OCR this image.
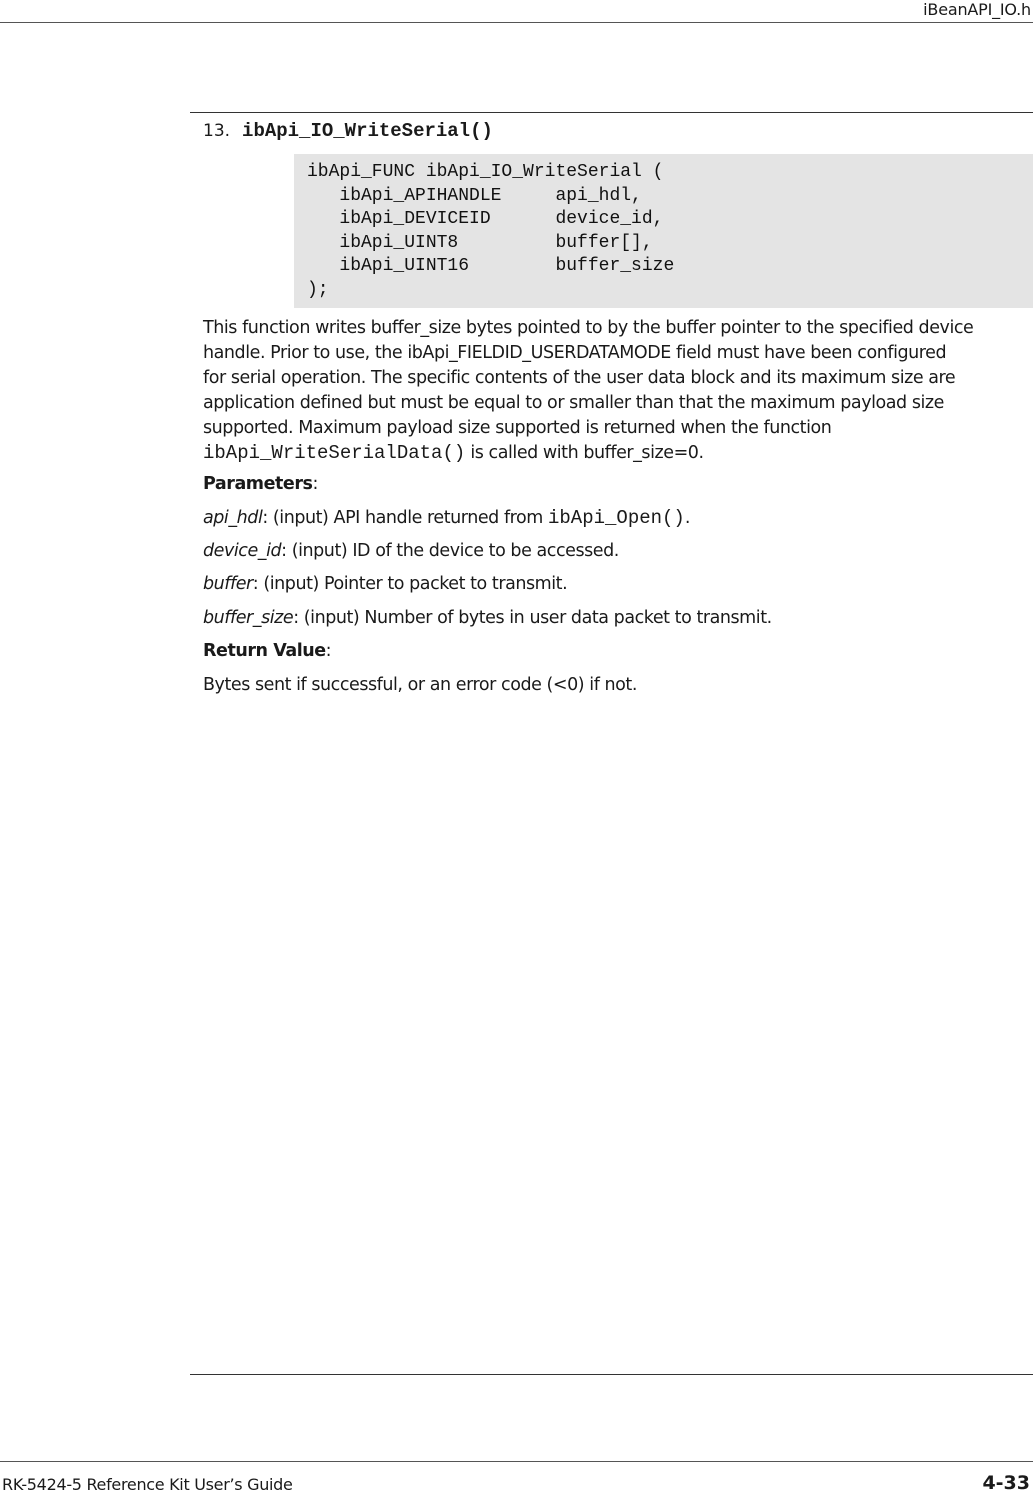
iBeanAPI_IO.h
13. ibApi_IO_WriteSerial()
ibApi_FUNC ibApi_IO_WriteSerial (
ibApi_APIHANDLE     api_hdl,
ibApi_DEVICEID      device_id,
ibApi_UINT8         buffer[],
ibApi_UINT16        buffer_size
);
This function writes buffer_size bytes pointed to by the buffer pointer to the specified device
handle. Prior to use, the ibApi_FIELDID_USERDATAMODE field must have been configured
for serial operation. The specific contents of the user data block and its maximum size are
application defined but must be equal to or smaller than that the maximum payload size
supported. Maximum payload size supported is returned when the function
ibApi_WriteSerialData() is called with buffer_size=0.
Parameters:
api_hdl: (input) API handle returned from ibApi_Open().
device_id: (input) ID of the device to be accessed.
buffer: (input) Pointer to packet to transmit.
buffer_size: (input) Number of bytes in user data packet to transmit.
Return Value:
Bytes sent if successful, or an error code (<0) if not.
RK-5424-5 Reference Kit User’s Guide	4-33
